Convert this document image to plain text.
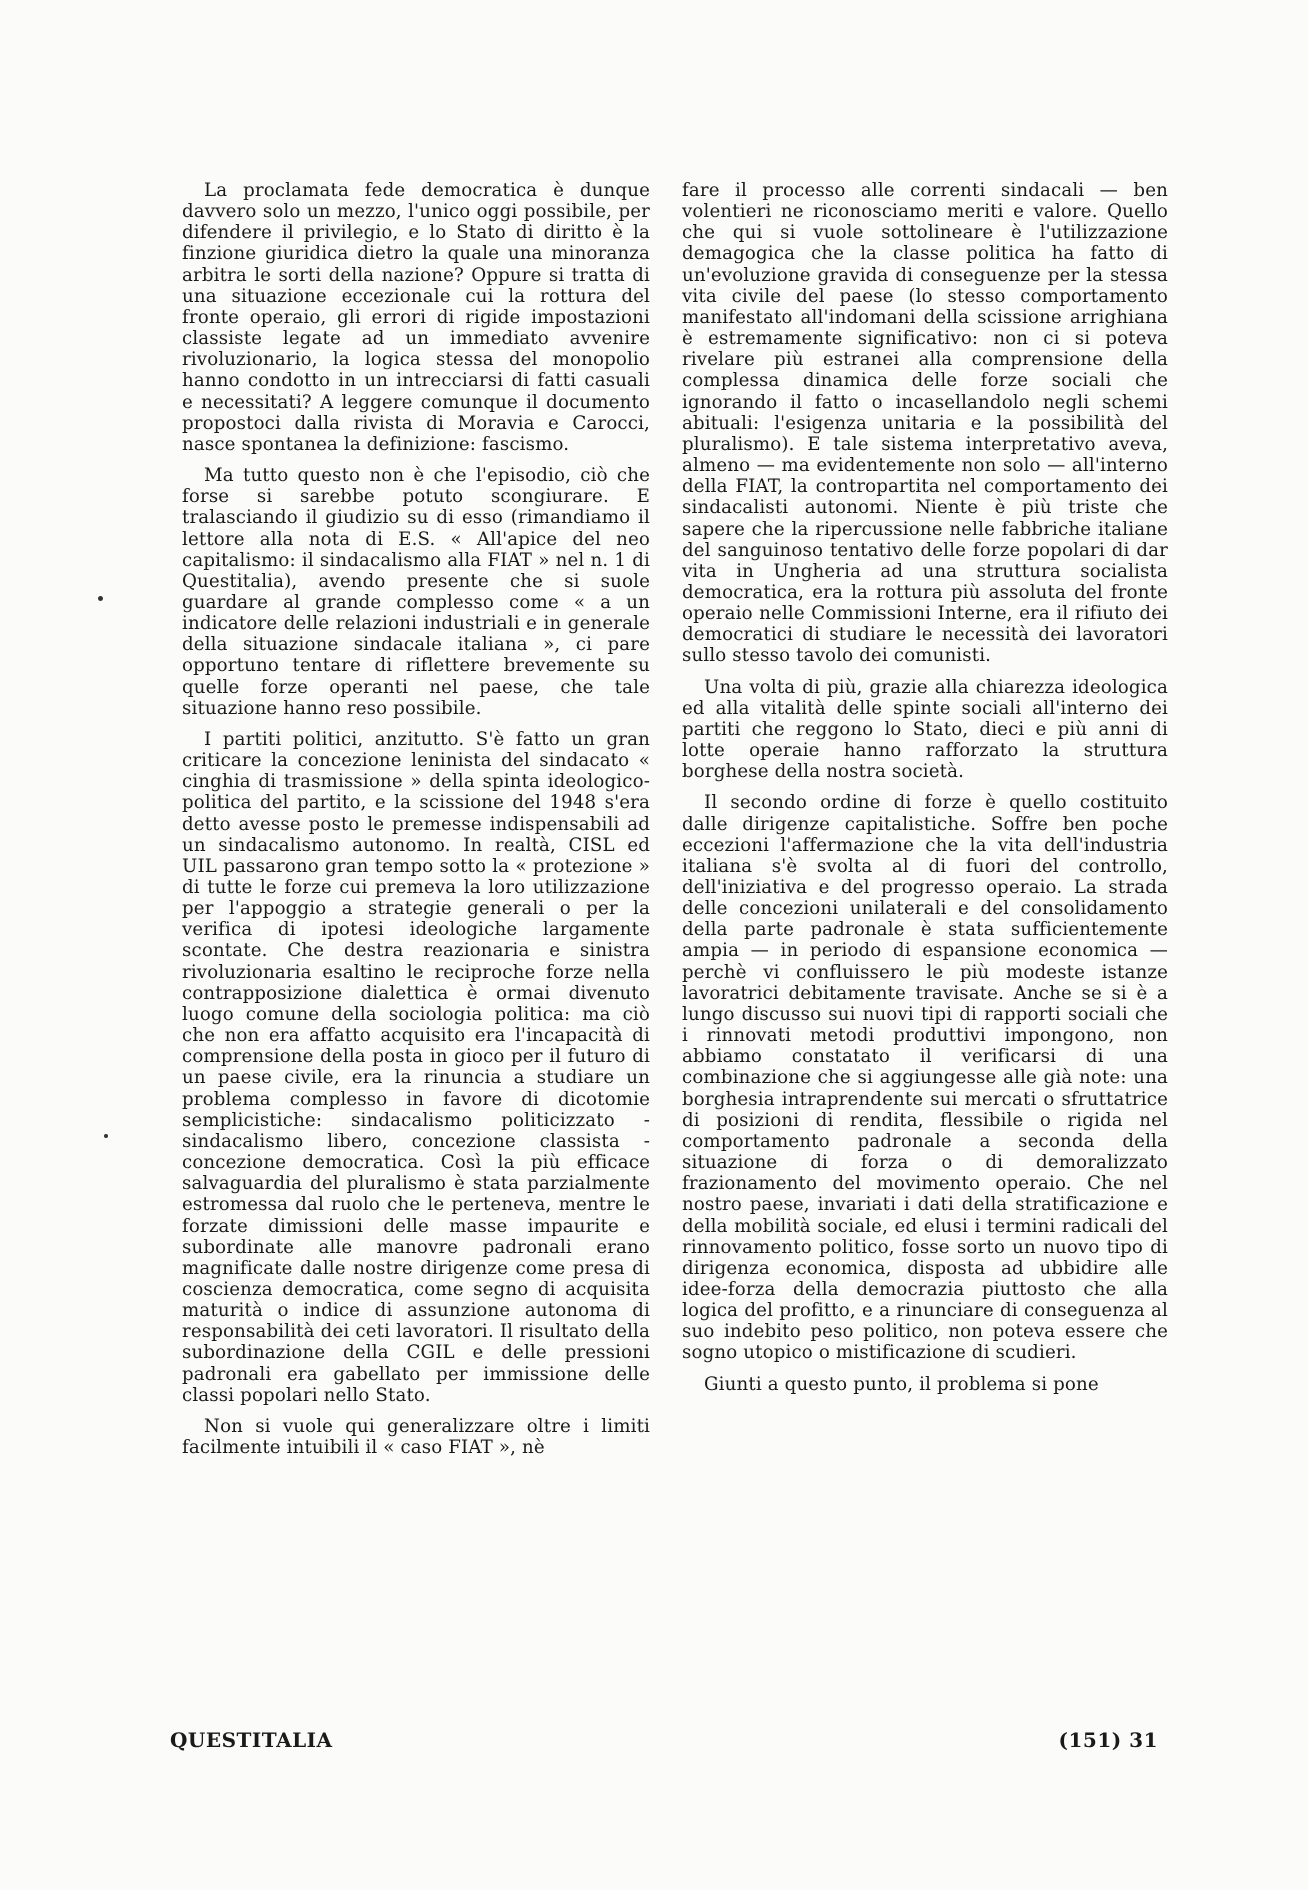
La proclamata fede democratica è dunque davvero solo un mezzo, l'unico oggi possibile, per difendere il privilegio, e lo Stato di diritto è la finzione giuridica dietro la quale una minoranza arbitra le sorti della nazione? Oppure si tratta di una situazione eccezionale cui la rottura del fronte operaio, gli errori di rigide impostazioni classiste legate ad un immediato avvenire rivoluzionario, la logica stessa del monopolio hanno condotto in un intrecciarsi di fatti casuali e necessitati? A leggere comunque il documento propostoci dalla rivista di Moravia e Carocci, nasce spontanea la definizione: fascismo.

Ma tutto questo non è che l'episodio, ciò che forse si sarebbe potuto scongiurare. E tralasciando il giudizio su di esso (rimandiamo il lettore alla nota di E.S. « All'apice del neo capitalismo: il sindacalismo alla FIAT » nel n. 1 di Questitalia), avendo presente che si suole guardare al grande complesso come « a un indicatore delle relazioni industriali e in generale della situazione sindacale italiana », ci pare opportuno tentare di riflettere brevemente su quelle forze operanti nel paese, che tale situazione hanno reso possibile.

I partiti politici, anzitutto. S'è fatto un gran criticare la concezione leninista del sindacato « cinghia di trasmissione » della spinta ideologico-politica del partito, e la scissione del 1948 s'era detto avesse posto le premesse indispensabili ad un sindacalismo autonomo. In realtà, CISL ed UIL passarono gran tempo sotto la « protezione » di tutte le forze cui premeva la loro utilizzazione per l'appoggio a strategie generali o per la verifica di ipotesi ideologiche largamente scontate. Che destra reazionaria e sinistra rivoluzionaria esaltino le reciproche forze nella contrapposizione dialettica è ormai divenuto luogo comune della sociologia politica: ma ciò che non era affatto acquisito era l'incapacità di comprensione della posta in gioco per il futuro di un paese civile, era la rinuncia a studiare un problema complesso in favore di dicotomie semplicistiche: sindacalismo politicizzato - sindacalismo libero, concezione classista - concezione democratica. Così la più efficace salvaguardia del pluralismo è stata parzialmente estromessa dal ruolo che le perteneva, mentre le forzate dimissioni delle masse impaurite e subordinate alle manovre padronali erano magnificate dalle nostre dirigenze come presa di coscienza democratica, come segno di acquisita maturità o indice di assunzione autonoma di responsabilità dei ceti lavoratori. Il risultato della subordinazione della CGIL e delle pressioni padronali era gabellato per immissione delle classi popolari nello Stato.

Non si vuole qui generalizzare oltre i limiti facilmente intuibili il « caso FIAT », nè

fare il processo alle correnti sindacali — ben volentieri ne riconosciamo meriti e valore. Quello che qui si vuole sottolineare è l'utilizzazione demagogica che la classe politica ha fatto di un'evoluzione gravida di conseguenze per la stessa vita civile del paese (lo stesso comportamento manifestato all'indomani della scissione arrighiana è estremamente significativo: non ci si poteva rivelare più estranei alla comprensione della complessa dinamica delle forze sociali che ignorando il fatto o incasellandolo negli schemi abituali: l'esigenza unitaria e la possibilità del pluralismo). E tale sistema interpretativo aveva, almeno — ma evidentemente non solo — all'interno della FIAT, la contropartita nel comportamento dei sindacalisti autonomi. Niente è più triste che sapere che la ripercussione nelle fabbriche italiane del sanguinoso tentativo delle forze popolari di dar vita in Ungheria ad una struttura socialista democratica, era la rottura più assoluta del fronte operaio nelle Commissioni Interne, era il rifiuto dei democratici di studiare le necessità dei lavoratori sullo stesso tavolo dei comunisti.

Una volta di più, grazie alla chiarezza ideologica ed alla vitalità delle spinte sociali all'interno dei partiti che reggono lo Stato, dieci e più anni di lotte operaie hanno rafforzato la struttura borghese della nostra società.

Il secondo ordine di forze è quello costituito dalle dirigenze capitalistiche. Soffre ben poche eccezioni l'affermazione che la vita dell'industria italiana s'è svolta al di fuori del controllo, dell'iniziativa e del progresso operaio. La strada delle concezioni unilaterali e del consolidamento della parte padronale è stata sufficientemente ampia — in periodo di espansione economica — perchè vi confluissero le più modeste istanze lavoratrici debitamente travisate. Anche se si è a lungo discusso sui nuovi tipi di rapporti sociali che i rinnovati metodi produttivi impongono, non abbiamo constatato il verificarsi di una combinazione che si aggiungesse alle già note: una borghesia intraprendente sui mercati o sfruttatrice di posizioni di rendita, flessibile o rigida nel comportamento padronale a seconda della situazione di forza o di demoralizzato frazionamento del movimento operaio. Che nel nostro paese, invariati i dati della stratificazione e della mobilità sociale, ed elusi i termini radicali del rinnovamento politico, fosse sorto un nuovo tipo di dirigenza economica, disposta ad ubbidire alle idee-forza della democrazia piuttosto che alla logica del profitto, e a rinunciare di conseguenza al suo indebito peso politico, non poteva essere che sogno utopico o mistificazione di scudieri.

Giunti a questo punto, il problema si pone

QUESTITALIA	(151) 31
